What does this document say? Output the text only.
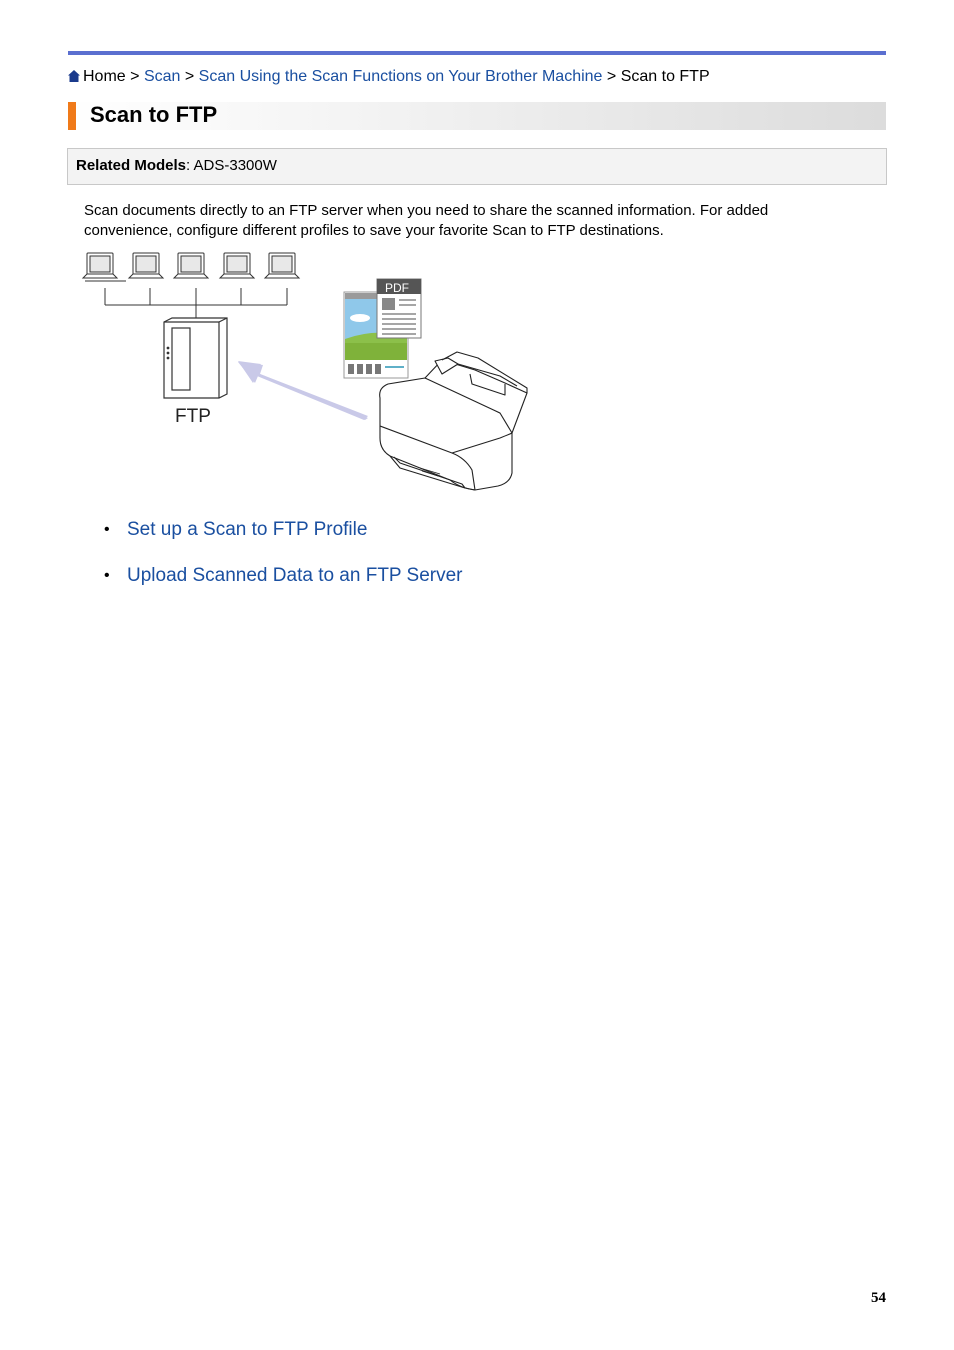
Home > Scan > Scan Using the Scan Functions on Your Brother Machine > Scan to FTP
Scan to FTP
Related Models: ADS-3300W
Scan documents directly to an FTP server when you need to share the scanned information. For added convenience, configure different profiles to save your favorite Scan to FTP destinations.
FTP
PDF
• Set up a Scan to FTP Profile
• Upload Scanned Data to an FTP Server
54
